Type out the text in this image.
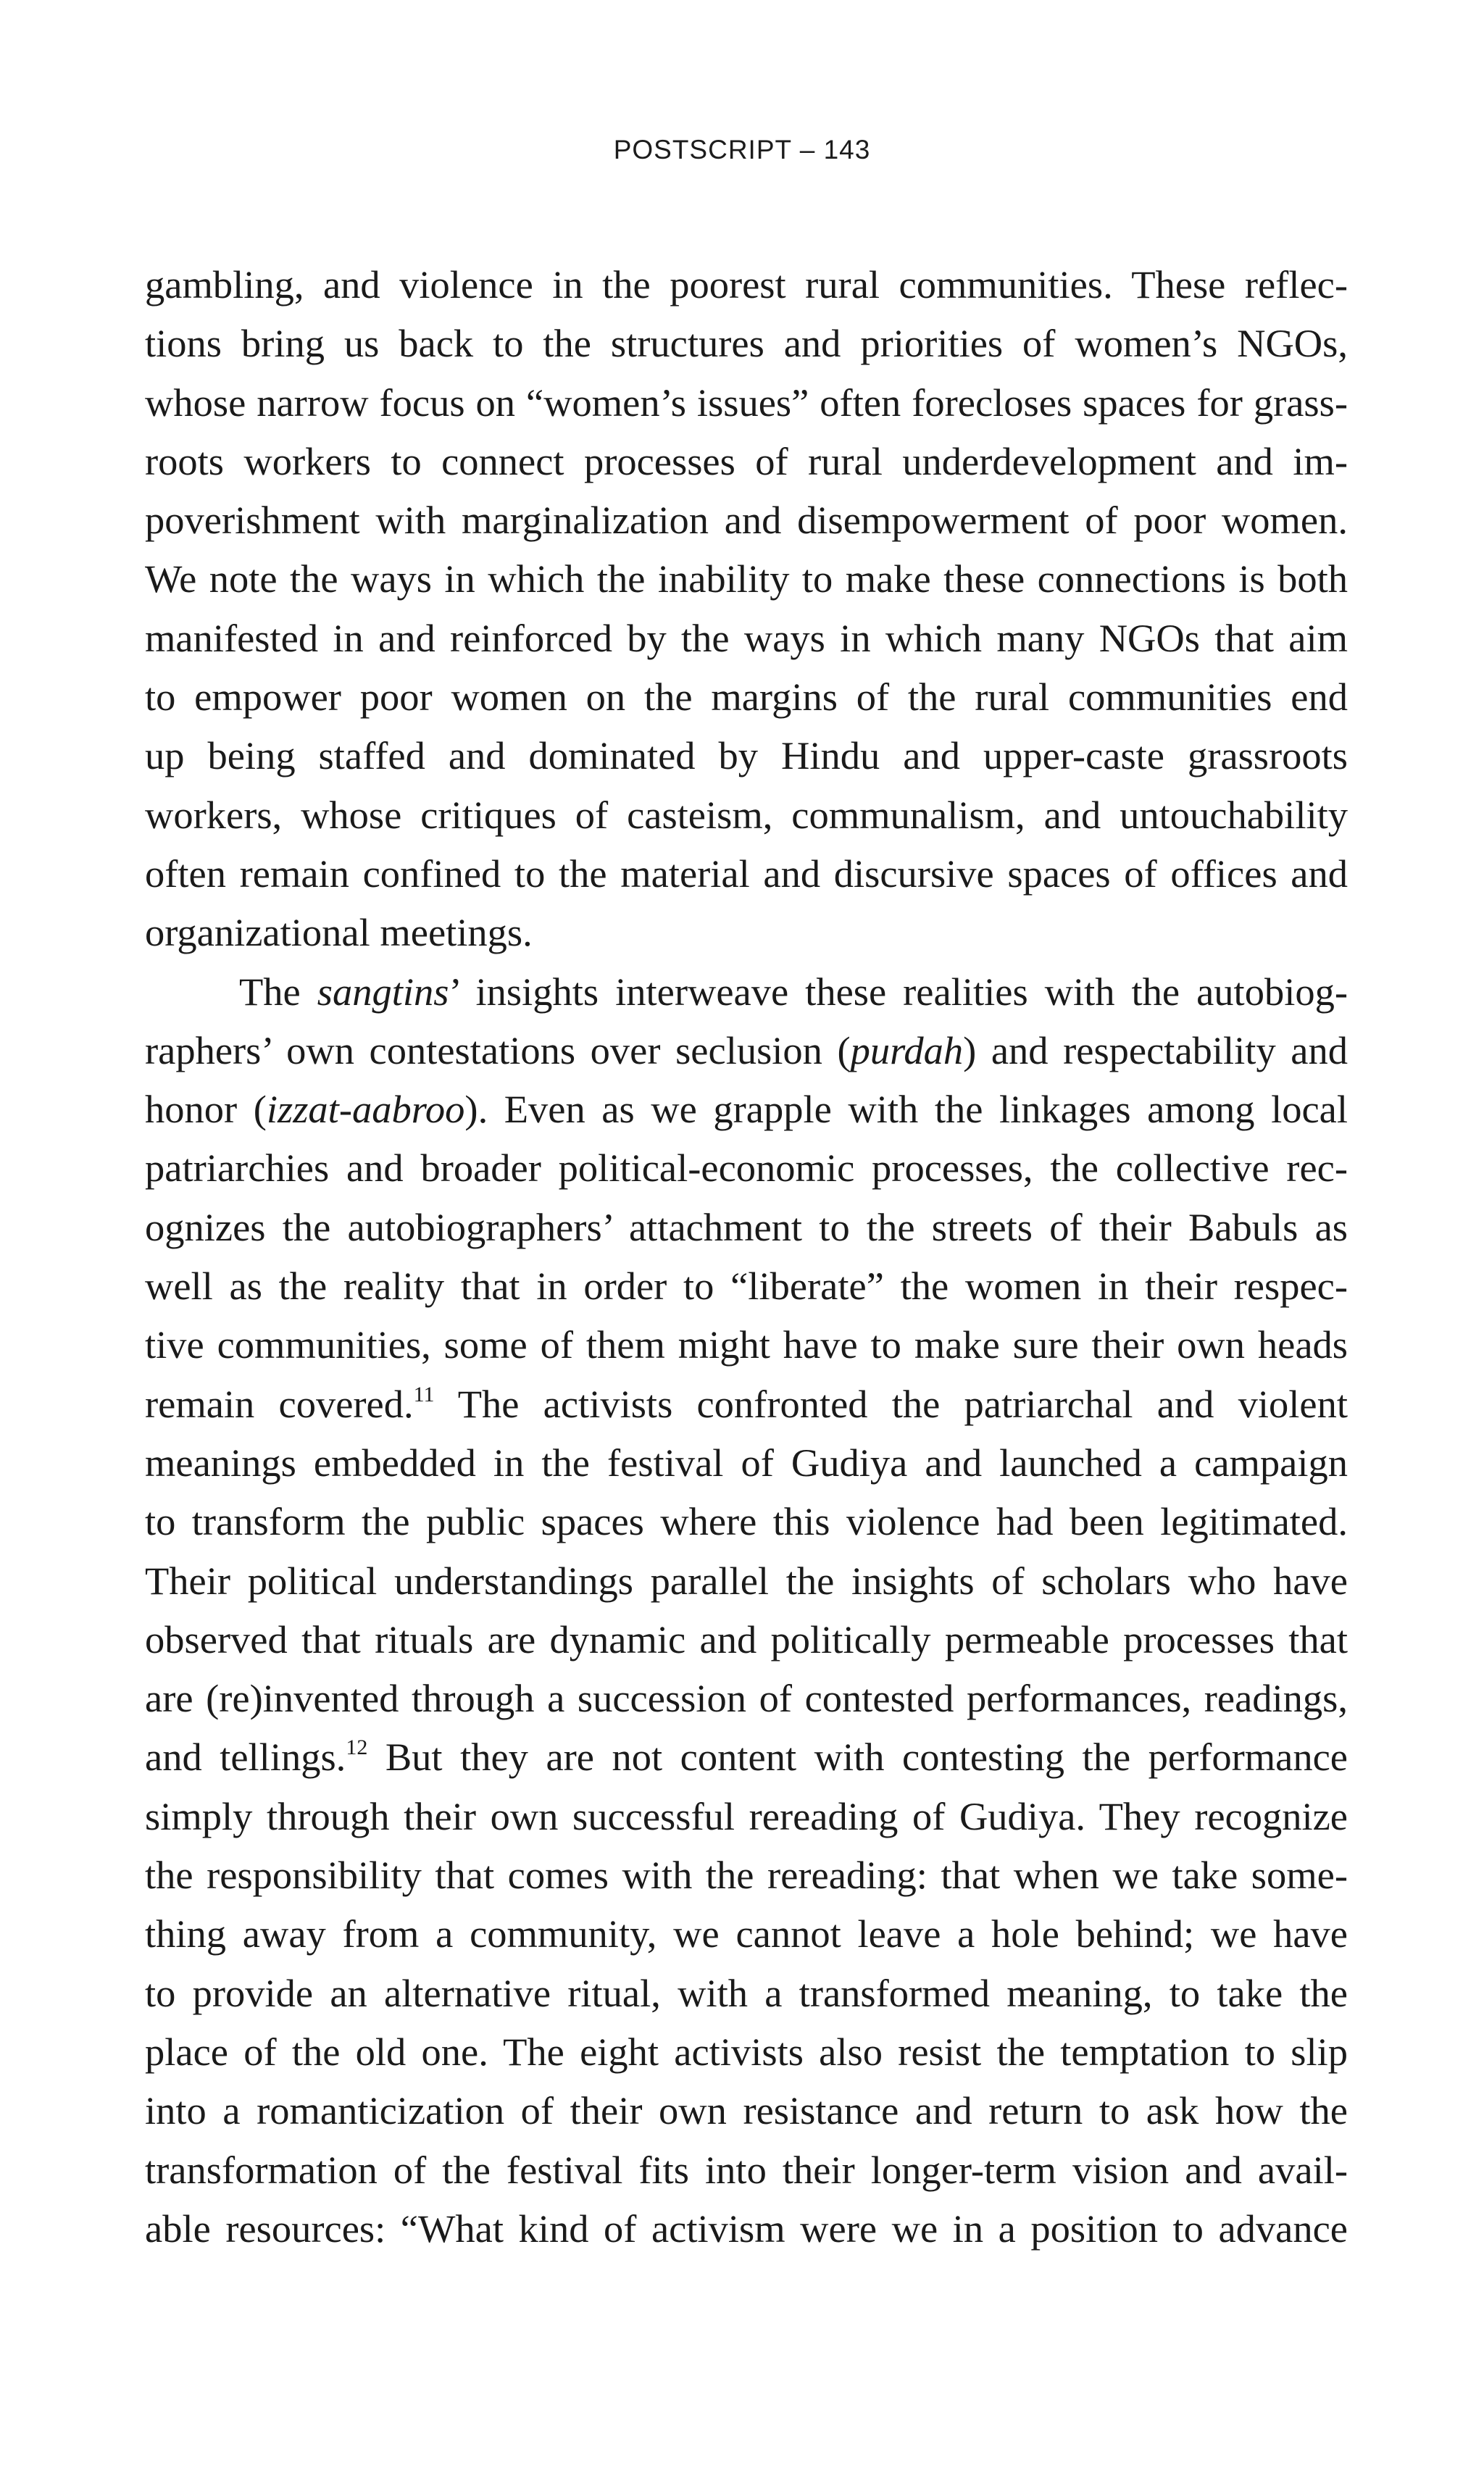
POSTSCRIPT – 143
gambling, and violence in the poorest rural communities. These reflec-
tions bring us back to the structures and priorities of women’s NGOs,
whose narrow focus on “women’s issues” often forecloses spaces for grass-
roots workers to connect processes of rural underdevelopment and im-
poverishment with marginalization and disempowerment of poor women.
We note the ways in which the inability to make these connections is both
manifested in and reinforced by the ways in which many NGOs that aim
to empower poor women on the margins of the rural communities end
up being staffed and dominated by Hindu and upper-caste grassroots
workers, whose critiques of casteism, communalism, and untouchability
often remain confined to the material and discursive spaces of offices and
organizational meetings.
The sangtins’ insights interweave these realities with the autobiog-
raphers’ own contestations over seclusion (purdah) and respectability and
honor (izzat-aabroo). Even as we grapple with the linkages among local
patriarchies and broader political-economic processes, the collective rec-
ognizes the autobiographers’ attachment to the streets of their Babuls as
well as the reality that in order to “liberate” the women in their respec-
tive communities, some of them might have to make sure their own heads
remain covered.$^{11}$ The activists confronted the patriarchal and violent
meanings embedded in the festival of Gudiya and launched a campaign
to transform the public spaces where this violence had been legitimated.
Their political understandings parallel the insights of scholars who have
observed that rituals are dynamic and politically permeable processes that
are (re)invented through a succession of contested performances, readings,
and tellings.$^{12}$ But they are not content with contesting the performance
simply through their own successful rereading of Gudiya. They recognize
the responsibility that comes with the rereading: that when we take some-
thing away from a community, we cannot leave a hole behind; we have
to provide an alternative ritual, with a transformed meaning, to take the
place of the old one. The eight activists also resist the temptation to slip
into a romanticization of their own resistance and return to ask how the
transformation of the festival fits into their longer-term vision and avail-
able resources: “What kind of activism were we in a position to advance
